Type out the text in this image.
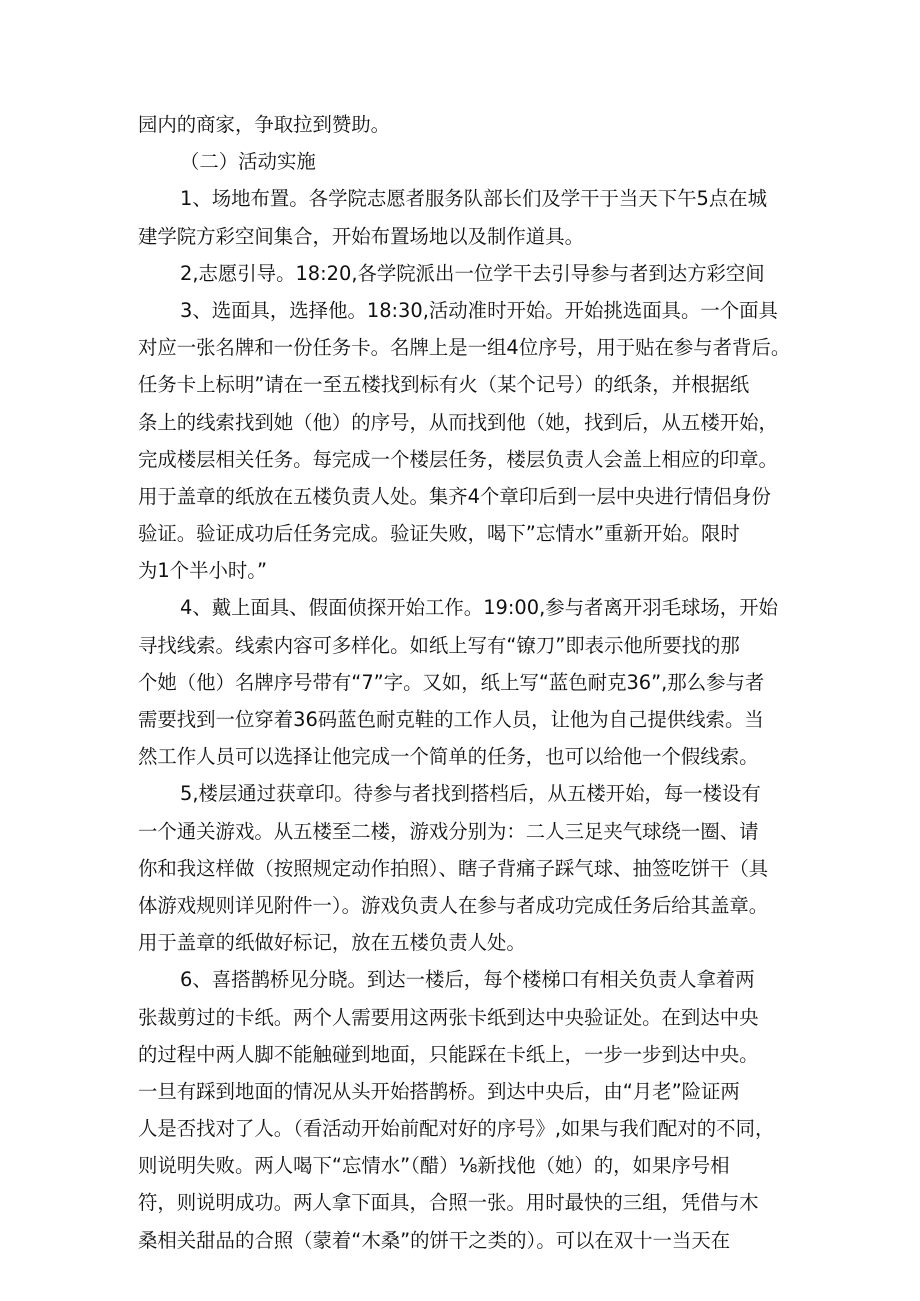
园内的商家，争取拉到赞助。

（二）活动实施

1、场地布置。各学院志愿者服务队部长们及学干于当天下午5点在城
建学院方彩空间集合，开始布置场地以及制作道具。

2,志愿引导。18:20,各学院派出一位学干去引导参与者到达方彩空间

3、选面具，选择他。18:30,活动准时开始。开始挑选面具。一个面具
对应一张名牌和一份任务卡。名牌上是一组4位序号，用于贴在参与者背后。
任务卡上标明”请在一至五楼找到标有火（某个记号）的纸条，并根据纸
条上的线索找到她（他）的序号，从而找到他（她，找到后，从五楼开始，
完成楼层相关任务。每完成一个楼层任务，楼层负责人会盖上相应的印章。
用于盖章的纸放在五楼负责人处。集齐4个章印后到一层中央进行情侣身份
验证。验证成功后任务完成。验证失败，喝下”忘情水”重新开始。限时
为1个半小时。”

4、戴上面具、假面侦探开始工作。19:00,参与者离开羽毛球场，开始
寻找线索。线索内容可多样化。如纸上写有“镣刀”即表示他所要找的那
个她（他）名牌序号带有“7”字。又如，纸上写“蓝色耐克36”,那么参与者
需要找到一位穿着36码蓝色耐克鞋的工作人员，让他为自己提供线索。当
然工作人员可以选择让他完成一个简单的任务，也可以给他一个假线索。

5,楼层通过获章印。待参与者找到搭档后，从五楼开始，每一楼设有
一个通关游戏。从五楼至二楼，游戏分别为：二人三足夹气球绕一圈、请
你和我这样做（按照规定动作拍照）、瞎子背痛子踩气球、抽签吃饼干（具
体游戏规则详见附件一）。游戏负责人在参与者成功完成任务后给其盖章。
用于盖章的纸做好标记，放在五楼负责人处。

6、喜搭鹊桥见分晓。到达一楼后，每个楼梯口有相关负责人拿着两
张裁剪过的卡纸。两个人需要用这两张卡纸到达中央验证处。在到达中央
的过程中两人脚不能触碰到地面，只能踩在卡纸上，一步一步到达中央。
一旦有踩到地面的情况从头开始搭鹊桥。到达中央后，由“月老”险证两
人是否找对了人。（看活动开始前配对好的序号》,如果与我们配对的不同，
则说明失败。两人喝下“忘情水”（醋）⅛新找他（她）的，如果序号相
符，则说明成功。两人拿下面具，合照一张。用时最快的三组，凭借与木
桑相关甜品的合照（蒙着“木桑”的饼干之类的）。可以在双十一当天在
